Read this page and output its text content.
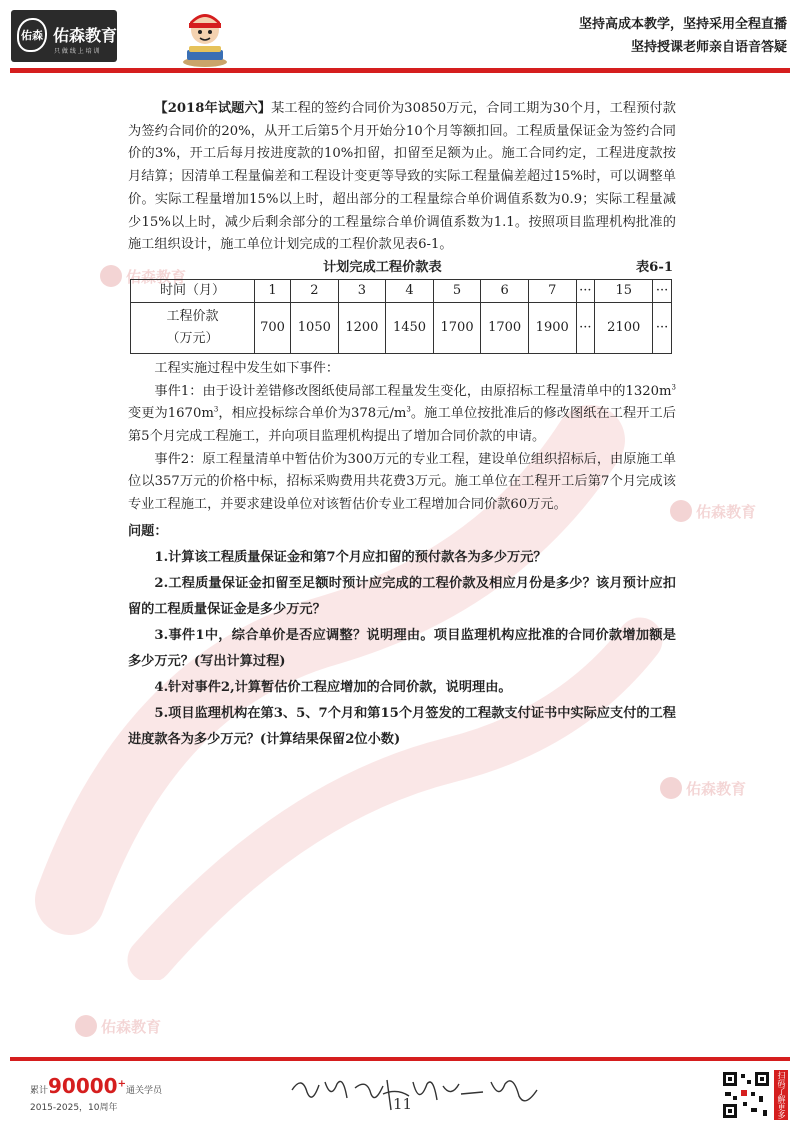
佑森 佑森教育
只 做 线 上 培 训
坚持高成本教学，坚持采用全程直播
坚持授课老师亲自语音答疑
佑森教育
佑森教育
佑森教育
佑森教育

【2018年试题六】某工程的签约合同价为30850万元，合同工期为30个月，工程预付款为签约合同价的20%，从开工后第5个月开始分10个月等额扣回。工程质量保证金为签约合同价的3%，开工后每月按进度款的10%扣留，扣留至足额为止。施工合同约定，工程进度款按月结算；因清单工程量偏差和工程设计变更等导致的实际工程量偏差超过15%时，可以调整单价。实际工程量增加15%以上时，超出部分的工程量综合单价调值系数为0.9；实际工程量减少15%以上时，减少后剩余部分的工程量综合单价调值系数为1.1。按照项目监理机构批准的施工组织设计，施工单位计划完成的工程价款见表6-1。

计划完成工程价款表	表6-1
时间（月）	1	2	3	4	5	6	7	···	15	···

工程价款
（万元）	700	1050	1200	1450	1700	1700	1900	···	2100	···

工程实施过程中发生如下事件：

事件1：由于设计差错修改图纸使局部工程量发生变化，由原招标工程量清单中的$1320m^3$变更为$1670m^3$，相应投标综合单价为378元$/m^3$。施工单位按批准后的修改图纸在工程开工后第5个月完成工程施工，并向项目监理机构提出了增加合同价款的申请。

事件2：原工程量清单中暂估价为300万元的专业工程，建设单位组织招标后，由原施工单位以357万元的价格中标，招标采购费用共花费3万元。施工单位在工程开工后第7个月完成该专业工程施工，并要求建设单位对该暂估价专业工程增加合同价款60万元。

问题：

1.计算该工程质量保证金和第7个月应扣留的预付款各为多少万元？

2.工程质量保证金扣留至足额时预计应完成的工程价款及相应月份是多少？该月预计应扣留的工程质量保证金是多少万元？

3.事件1中，综合单价是否应调整？说明理由。项目监理机构应批准的合同价款增加额是多少万元？(写出计算过程)

4.针对事件2,计算暂估价工程应增加的合同价款，说明理由。

5.项目监理机构在第3、5、7个月和第15个月签发的工程款支付证书中实际应支付的工程进度款各为多少万元？(计算结果保留2位小数)

累计90000+通关学员
2015-2025，10周年	11	扫码了解更多
